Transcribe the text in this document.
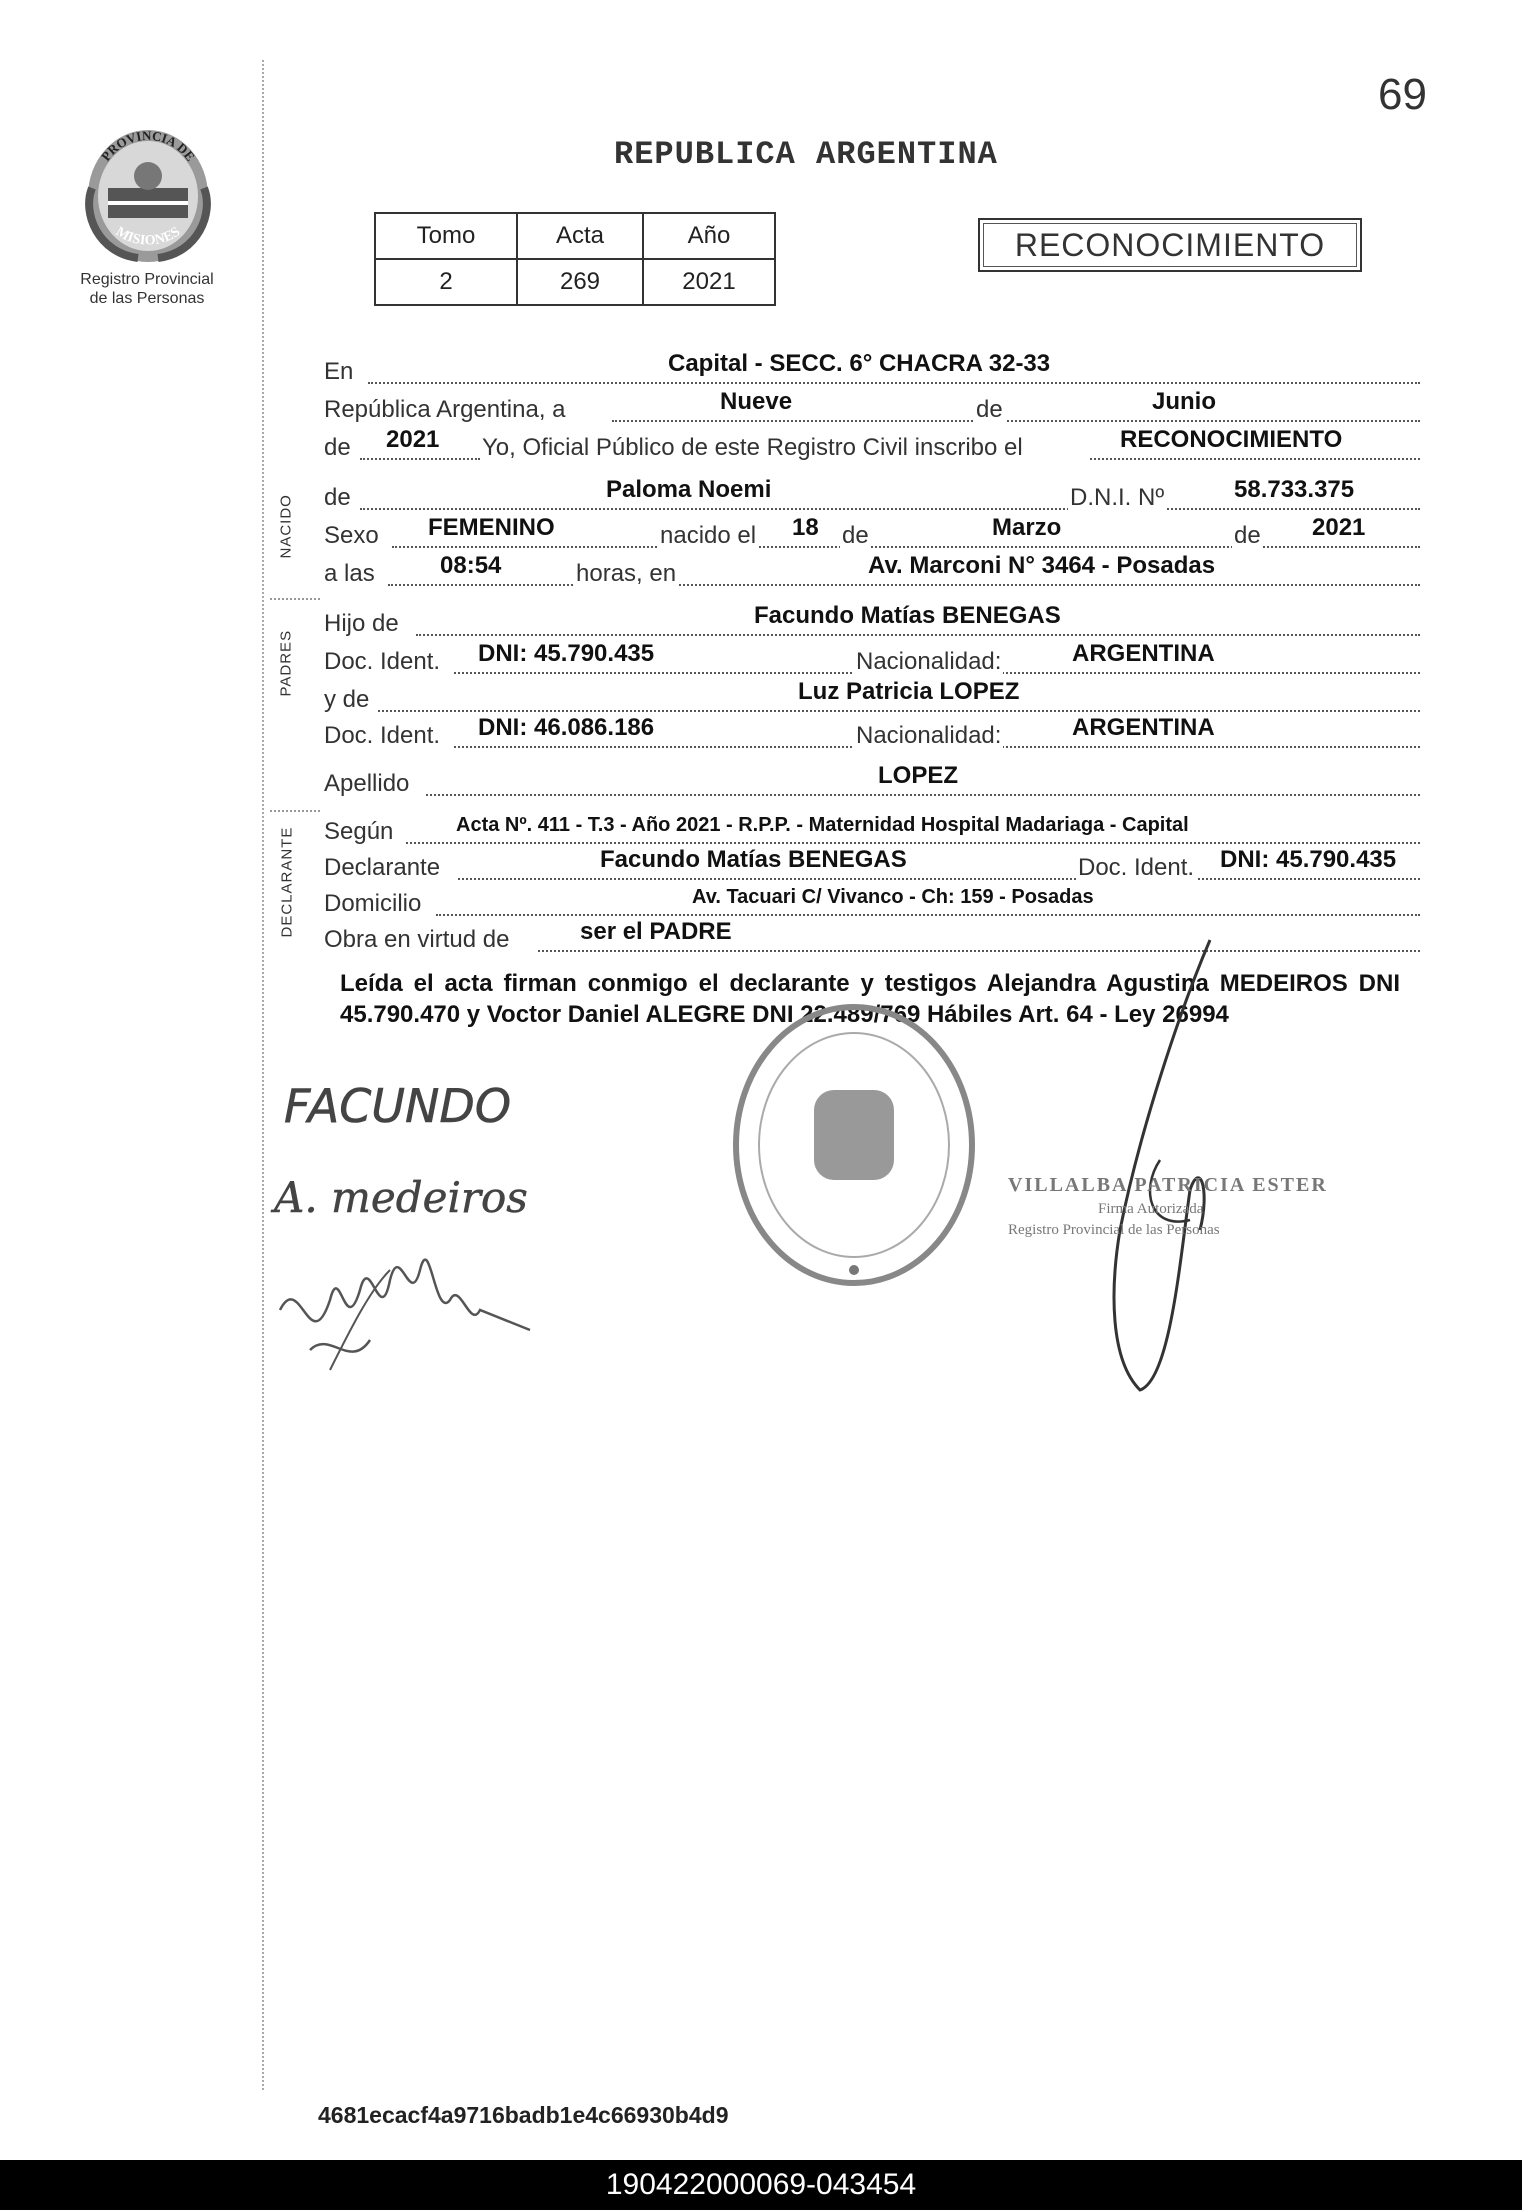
69
PROVINCIA DE
MISIONES
Registro Provincial
de las Personas
REPUBLICA ARGENTINA
Tomo	Acta	Año
2	269	2021
RECONOCIMIENTO
En	Capital - SECC. 6° CHACRA 32-33
República Argentina, a	Nueve	de	Junio
de 2021 Yo, Oficial Público de este Registro Civil inscribo el	RECONOCIMIENTO
NACIDO de	Paloma Noemi	D.N.I. Nº	58.733.375
Sexo FEMENINO	nacido el 18 de	Marzo	de 2021
a las	08:54	horas, en	Av. Marconi N° 3464 - Posadas
PADRES
Hijo de	Facundo Matías BENEGAS
Doc. Ident. DNI: 45.790.435	Nacionalidad:	ARGENTINA
y de	Luz Patricia LOPEZ
Doc. Ident. DNI: 46.086.186	Nacionalidad:	ARGENTINA
Apellido	LOPEZ
DECLARANTE Según	Acta Nº. 411 - T.3 - Año 2021 - R.P.P. - Maternidad Hospital Madariaga - Capital
Declarante	Facundo Matías BENEGAS	Doc. Ident. DNI: 45.790.435
Domicilio	Av. Tacuari C/ Vivanco - Ch: 159 - Posadas
Obra en virtud de	ser el PADRE
Leída el acta firman conmigo el declarante y testigos Alejandra Agustina MEDEIROS DNI 45.790.470 y Voctor Daniel ALEGRE DNI 22.489/769 Hábiles Art. 64 - Ley 26994
FACUNDO
A. medeiros	VILLALBA PATRICIA ESTER
Firma Autorizada
Registro Provincial de las Personas
4681ecacf4a9716badb1e4c66930b4d9
190422000069-043454
